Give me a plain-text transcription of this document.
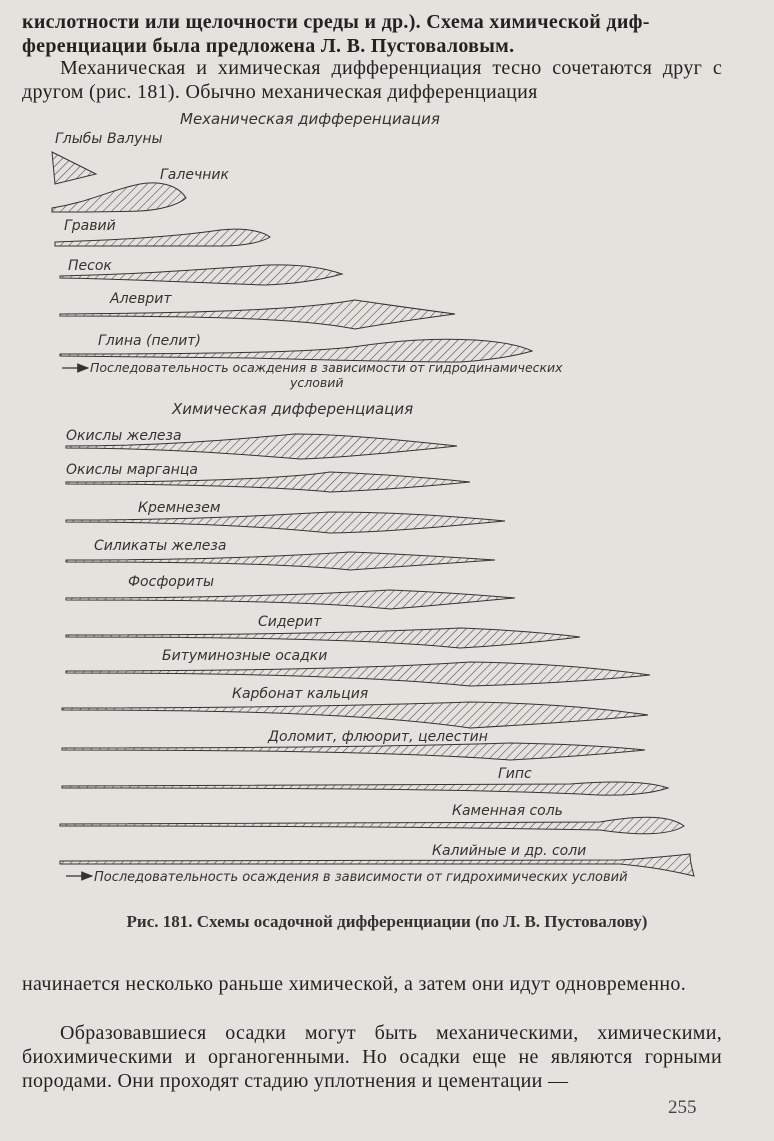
кислотности или щелочности среды и др.). Схема химической диф-
ференциации была предложена Л. В. Пустоваловым.

Механическая и химическая дифференциация тесно сочетаются друг с другом (рис. 181). Обычно механическая дифференциация

Механическая дифференциация
Глыбы Валуны
Галечник
Гравий
Песок
Алеврит
Глина (пелит)
Последовательность осаждения в зависимости от гидродинамических
условий
Химическая дифференциация
Окислы железа
Окислы марганца
Кремнезем
Силикаты железа
Фосфориты
Сидерит
Битуминозные осадки
Карбонат кальция
Доломит, флюорит, целестин
Гипс
Каменная соль
Калийные и др. соли
Последовательность осаждения в зависимости от гидрохимических условий
Рис. 181. Схемы осадочной дифференциации (по Л. В. Пустовалову)

начинается несколько раньше химической, а затем они идут одновременно.

Образовавшиеся осадки могут быть механическими, химическими, биохимическими и органогенными. Но осадки еще не являются горными породами. Они проходят стадию уплотнения и цементации —

255
